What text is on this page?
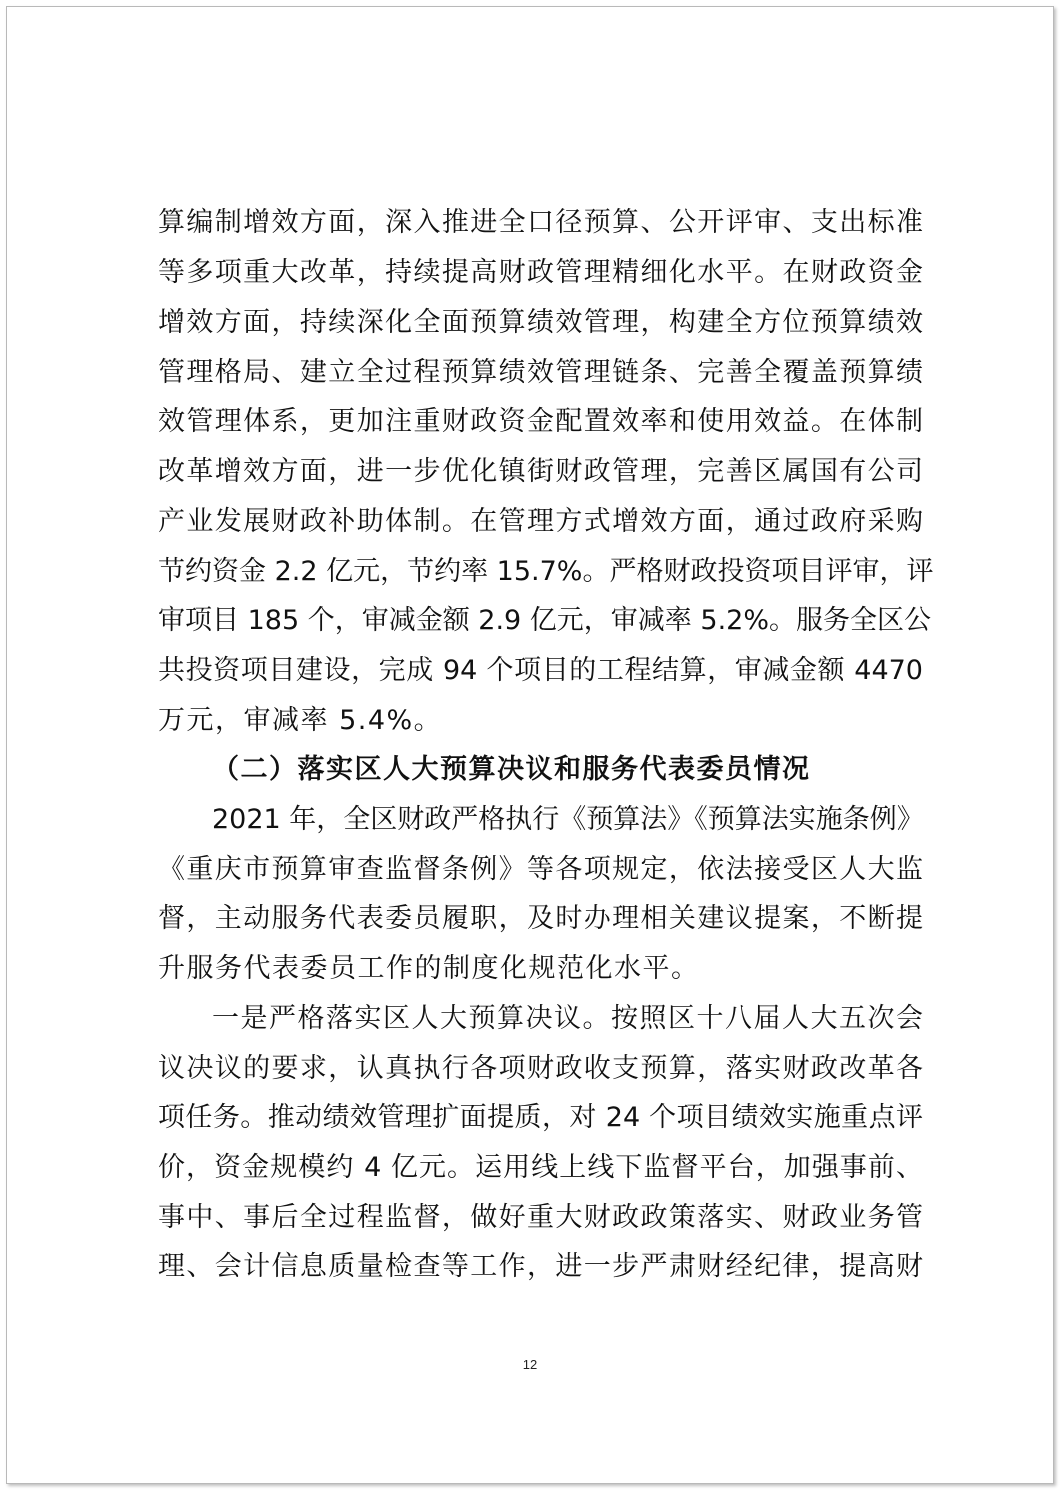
算编制增效方面，深入推进全口径预算、公开评审、支出标准

等多项重大改革，持续提高财政管理精细化水平。在财政资金

增效方面，持续深化全面预算绩效管理，构建全方位预算绩效

管理格局、建立全过程预算绩效管理链条、完善全覆盖预算绩

效管理体系，更加注重财政资金配置效率和使用效益。在体制

改革增效方面，进一步优化镇街财政管理，完善区属国有公司

产业发展财政补助体制。在管理方式增效方面，通过政府采购

节约资金 2.2 亿元，节约率 15.7%。严格财政投资项目评审，评

审项目 185 个，审减金额 2.9 亿元，审减率 5.2%。服务全区公

共投资项目建设，完成 94 个项目的工程结算，审减金额 4470

万元，审减率 5.4%。

（二）落实区人大预算决议和服务代表委员情况

2021 年，全区财政严格执行《预算法》《预算法实施条例》

《重庆市预算审查监督条例》等各项规定，依法接受区人大监

督，主动服务代表委员履职，及时办理相关建议提案，不断提

升服务代表委员工作的制度化规范化水平。

一是严格落实区人大预算决议。按照区十八届人大五次会

议决议的要求，认真执行各项财政收支预算，落实财政改革各

项任务。推动绩效管理扩面提质，对 24 个项目绩效实施重点评

价，资金规模约 4 亿元。运用线上线下监督平台，加强事前、

事中、事后全过程监督，做好重大财政政策落实、财政业务管

理、会计信息质量检查等工作，进一步严肃财经纪律，提高财

12
